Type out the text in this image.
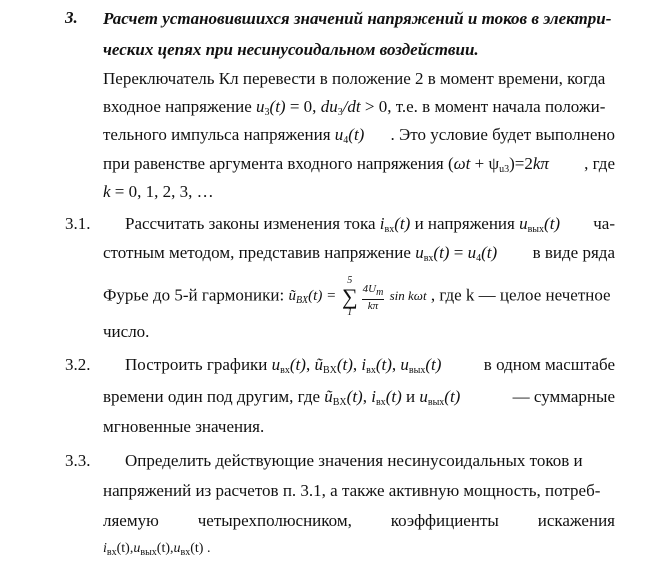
3. Расчет установившихся значений напряжений и токов в электри-
ческих цепях при несинусоидальном воздействии.
Переключатель Кл перевести в положение 2 в момент времени, когда
входное напряжение $u_3(t) = 0$, $du_3/dt > 0$, т.е. в момент начала положи-
тельного импульса напряжения $u_4(t)$ . Это условие будет выполнено
при равенстве аргумента входного напряжения $(\omega t + \psi_{u3})=2k\pi$ , где
k = 0, 1, 2, 3, …
3.1. Рассчитать законы изменения тока $i_{вх}(t)$ и напряжения $u_{вых}(t)$ ча-
стотным методом, представив напряжение $u_{вх}(t) = u_4(t)$ в виде ряда
Фурье до 5-й гармоники: $ũ_{BX}(t) = 5$
∑
1
$\frac{4U_m}{k\pi}$ sin kωt , где k — целое нечетное
число.
3.2. Построить графики $u_{вх}(t)$, $ũ_{BX}(t)$, $i_{вх}(t)$, $u_{вых}(t)$ в одном масштабе
времени один под другим, где $ũ_{BX}(t)$, $i_{вх}(t)$ и $u_{вых}(t)$	— суммарные
мгновенные значения.
3.3. Определить действующие значения несинусоидальных токов и
напряжений из расчетов п. 3.1, а также активную мощность, потреб-
ляемую четырехполюсником, коэффициенты искажения
$i_{вх}(t),u_{вых}(t),u_{вх}(t)$ .
